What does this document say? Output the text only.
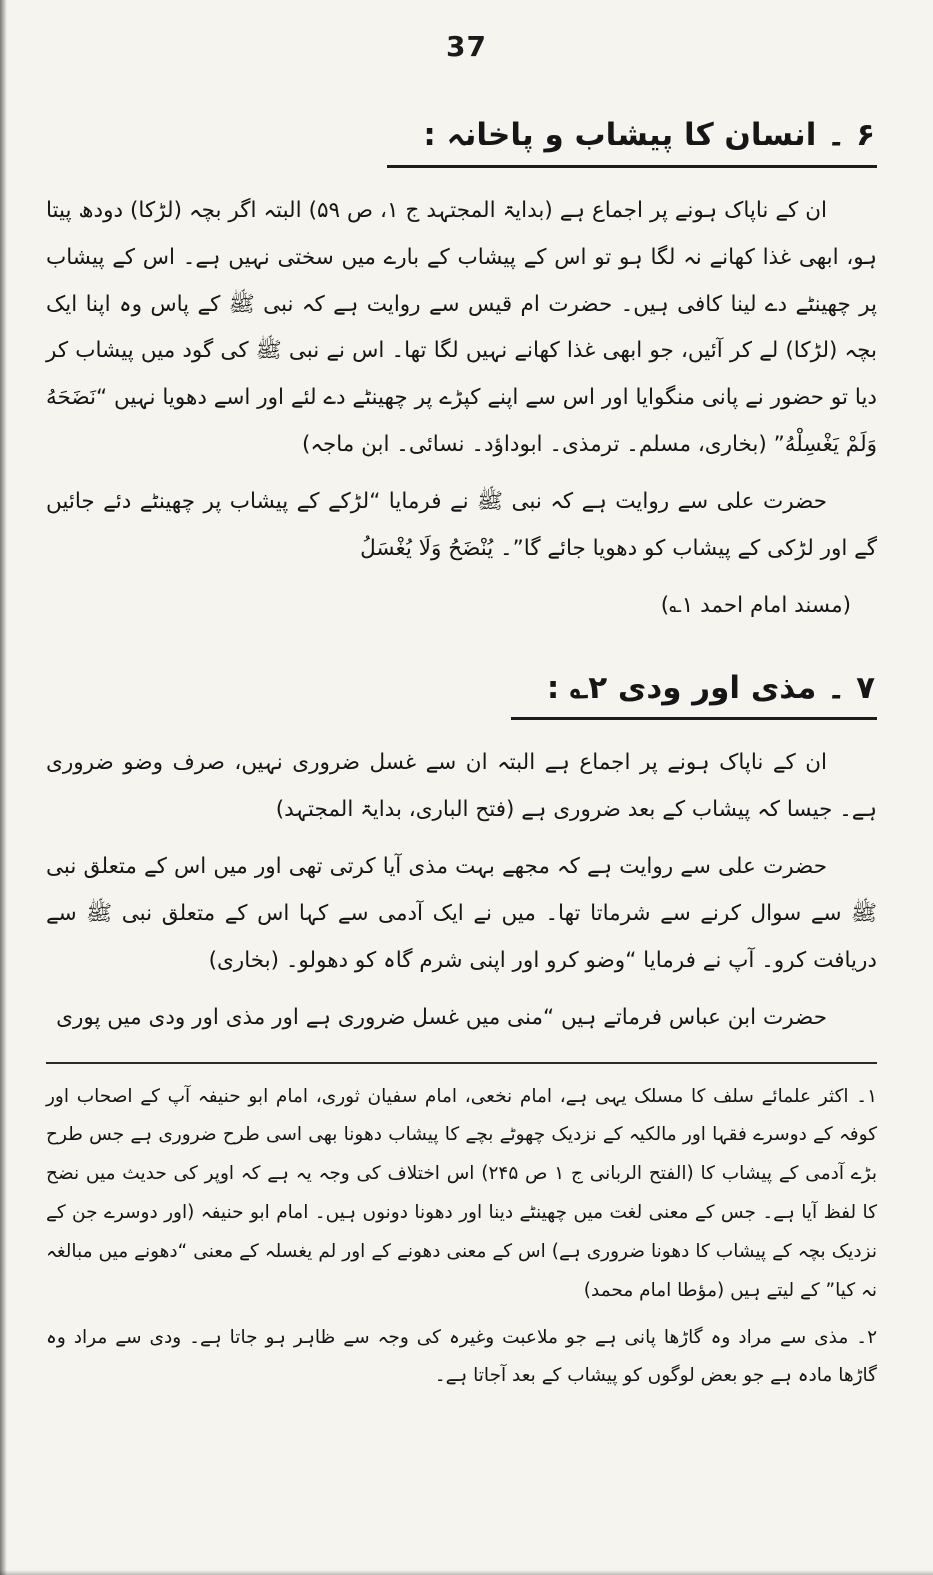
37
۶ ۔ انسان کا پیشاب و پاخانہ :

ان کے ناپاک ہونے پر اجماع ہے (بدایۃ المجتہد ج ۱، ص ۵۹) البتہ اگر بچہ (لڑکا) دودھ پیتا ہو، ابھی غذا کھانے نہ لگا ہو تو اس کے پیشاب کے بارے میں سختی نہیں ہے۔ اس کے پیشاب پر چھینٹے دے لینا کافی ہیں۔ حضرت ام قیس سے روایت ہے کہ نبی ﷺ کے پاس وہ اپنا ایک بچہ (لڑکا) لے کر آئیں، جو ابھی غذا کھانے نہیں لگا تھا۔ اس نے نبی ﷺ کی گود میں پیشاب کر دیا تو حضور نے پانی منگوایا اور اس سے اپنے کپڑے پر چھینٹے دے لئے اور اسے دھویا نہیں “نَضَحَهُ وَلَمْ يَغْسِلْهُ” (بخاری، مسلم۔ ترمذی۔ ابوداؤد۔ نسائی۔ ابن ماجہ)

حضرت علی سے روایت ہے کہ نبی ﷺ نے فرمایا “لڑکے کے پیشاب پر چھینٹے دئے جائیں گے اور لڑکی کے پیشاب کو دھویا جائے گا”۔ يُنْضَحُ وَلَا يُغْسَلُ

(مسند امام احمد ۱؎)

۷ ۔ مذی اور ودی ۲؎ :

ان کے ناپاک ہونے پر اجماع ہے البتہ ان سے غسل ضروری نہیں، صرف وضو ضروری ہے۔ جیسا کہ پیشاب کے بعد ضروری ہے (فتح الباری، بدایۃ المجتہد)

حضرت علی سے روایت ہے کہ مجھے بہت مذی آیا کرتی تھی اور میں اس کے متعلق نبی ﷺ سے سوال کرنے سے شرماتا تھا۔ میں نے ایک آدمی سے کہا اس کے متعلق نبی ﷺ سے دریافت کرو۔ آپ نے فرمایا “وضو کرو اور اپنی شرم گاہ کو دھولو۔ (بخاری)

حضرت ابن عباس فرماتے ہیں “منی میں غسل ضروری ہے اور مذی اور ودی میں پوری

۱۔ اکثر علمائے سلف کا مسلک یہی ہے، امام نخعی، امام سفیان ثوری، امام ابو حنیفہ آپ کے اصحاب اور کوفہ کے دوسرے فقہا اور مالکیہ کے نزدیک چھوٹے بچے کا پیشاب دھونا بھی اسی طرح ضروری ہے جس طرح بڑے آدمی کے پیشاب کا (الفتح الربانی ج ۱ ص ۲۴۵) اس اختلاف کی وجہ یہ ہے کہ اوپر کی حدیث میں نضح کا لفظ آیا ہے۔ جس کے معنی لغت میں چھینٹے دینا اور دھونا دونوں ہیں۔ امام ابو حنیفہ (اور دوسرے جن کے نزدیک بچہ کے پیشاب کا دھونا ضروری ہے) اس کے معنی دھونے کے اور لم یغسلہ کے معنی “دھونے میں مبالغہ نہ کیا” کے لیتے ہیں (مؤطا امام محمد)

۲۔ مذی سے مراد وہ گاڑھا پانی ہے جو ملاعبت وغیرہ کی وجہ سے ظاہر ہو جاتا ہے۔ ودی سے مراد وہ گاڑھا مادہ ہے جو بعض لوگوں کو پیشاب کے بعد آجاتا ہے۔
